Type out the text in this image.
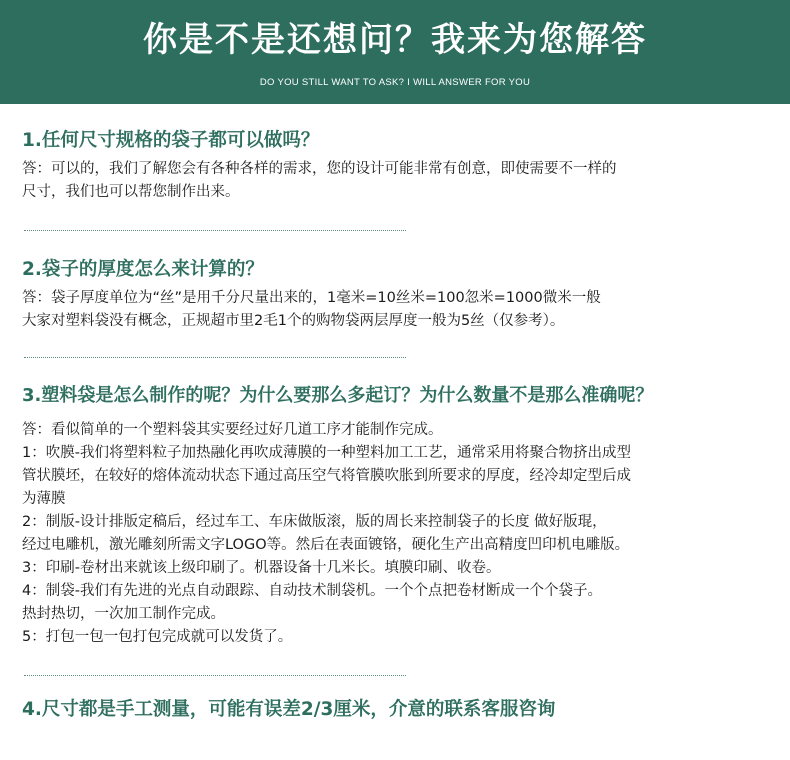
你是不是还想问？我来为您解答
DO YOU STILL WANT TO ASK? I WILL ANSWER FOR YOU
1.任何尺寸规格的袋子都可以做吗？
答：可以的，我们了解您会有各种各样的需求，您的设计可能非常有创意，即使需要不一样的
尺寸，我们也可以帮您制作出来。
2.袋子的厚度怎么来计算的？
答：袋子厚度单位为“丝”是用千分尺量出来的，1毫米=10丝米=100忽米=1000微米一般
大家对塑料袋没有概念，正规超市里2毛1个的购物袋两层厚度一般为5丝（仅参考）。
3.塑料袋是怎么制作的呢？为什么要那么多起订？为什么数量不是那么准确呢？
答：看似简单的一个塑料袋其实要经过好几道工序才能制作完成。
1：吹膜-我们将塑料粒子加热融化再吹成薄膜的一种塑料加工工艺，通常采用将聚合物挤出成型
管状膜坯，在较好的熔体流动状态下通过高压空气将管膜吹胀到所要求的厚度，经冷却定型后成
为薄膜
2：制版-设计排版定稿后，经过车工、车床做版滚，版的周长来控制袋子的长度 做好版琨，
经过电雕机，激光雕刻所需文字LOGO等。然后在表面镀铬，硬化生产出高精度凹印机电雕版。
3：印刷-卷材出来就该上级印刷了。机器设备十几米长。填膜印刷、收卷。
4：制袋-我们有先进的光点自动跟踪、自动技术制袋机。一个个点把卷材断成一个个袋子。
热封热切，一次加工制作完成。
5：打包一包一包打包完成就可以发货了。
4.尺寸都是手工测量，可能有误差2/3厘米，介意的联系客服咨询
